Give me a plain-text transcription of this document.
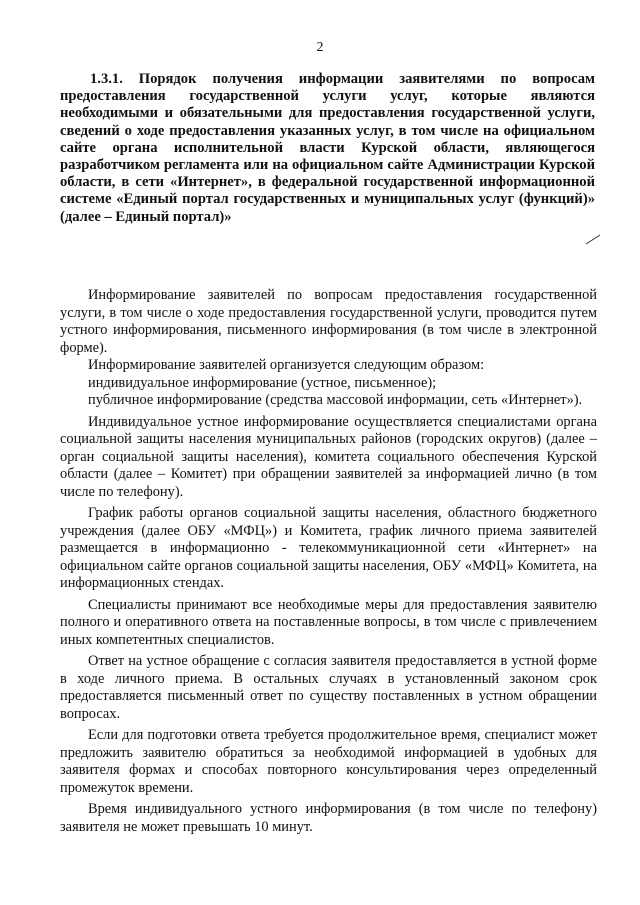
2

1.3.1. Порядок получения информации заявителями по вопросам предоставления государственной услуги услуг, которые являются необходимыми и обязательными для предоставления государственной услуги, сведений о ходе предоставления указанных услуг, в том числе на официальном сайте органа исполнительной власти Курской области, являющегося разработчиком регламента или на официальном сайте Администрации Курской области, в сети «Интернет», в федеральной государственной информационной системе «Единый портал государственных и муниципальных услуг (функций)» (далее – Единый портал)»

Информирование заявителей по вопросам предоставления государственной услуги, в том числе о ходе предоставления государственной услуги, проводится путем устного информирования, письменного информирования (в том числе в электронной форме).

Информирование заявителей организуется следующим образом:

индивидуальное информирование (устное, письменное);

публичное информирование (средства массовой информации, сеть «Интернет»).

Индивидуальное устное информирование осуществляется специалистами органа социальной защиты населения муниципальных районов (городских округов) (далее – орган социальной защиты населения), комитета социального обеспечения Курской области (далее – Комитет) при обращении заявителей за информацией лично (в том числе по телефону).

График работы органов социальной защиты населения, областного бюджетного учреждения (далее ОБУ «МФЦ») и Комитета, график личного приема заявителей размещается в информационно - телекоммуникационной сети «Интернет» на официальном сайте органов социальной защиты населения, ОБУ «МФЦ» Комитета, на информационных стендах.

Специалисты принимают все необходимые меры для предоставления заявителю полного и оперативного ответа на поставленные вопросы, в том числе с привлечением иных компетентных специалистов.

Ответ на устное обращение с согласия заявителя предоставляется в устной форме в ходе личного приема. В остальных случаях в установленный законом срок предоставляется письменный ответ по существу поставленных в устном обращении вопросах.

Если для подготовки ответа требуется продолжительное время, специалист может предложить заявителю обратиться за необходимой информацией в удобных для заявителя формах и способах повторного консультирования через определенный промежуток времени.

Время индивидуального устного информирования (в том числе по телефону) заявителя не может превышать 10 минут.
